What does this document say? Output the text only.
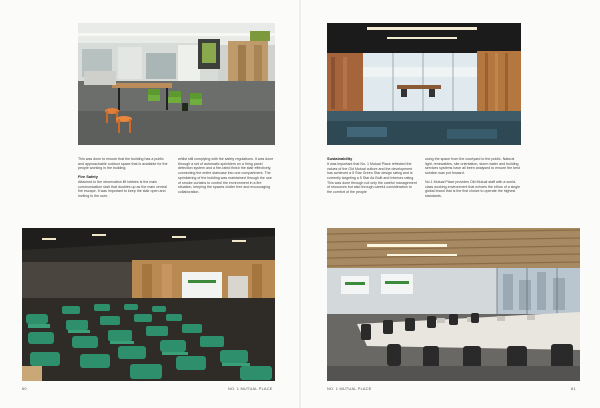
This was done to ensure that the building has a public and approachable outdoor space that is available for the people working in the building.

Fire Safety

Attached to the observation lift lobbies is the main communication stair that doubles up as the main central fire escape. It was important to keep the stair open and inviting to the user,

whilst still complying with the safety regulations. It was done through a set of automatic sprinklers on a firing panel detection system and a fire-rated finish the stair effectively, connecting the entire staircase into one compartment. The sprinklering of the building was maintained through the use of smoke curtains to control the environment in a fire situation, keeping the spaces clutter free and encouraging collaboration.

60	NO. 1 MUTUAL PLACE
Sustainability

It was important that No. 1 Mutual Place reflected the values of the Old Mutual culture and the development has achieved a 5 Star Green Star design rating and is currently targeting a 5 Star As Built and Interiors rating. This was done through not only the careful management of resources but also through careful consideration to the comfort of the people

using the space from the courtyard to the public. Natural light, renewables, site orientation, storm water and building services systems have all been analysed to ensure the best solution was put forward.

No.1 Mutual Place provides Old Mutual staff with a world-class working environment that echoes the ethos of a single global brand that is the first choice to operate the highest standards.

NO. 1 MUTUAL PLACE	61
